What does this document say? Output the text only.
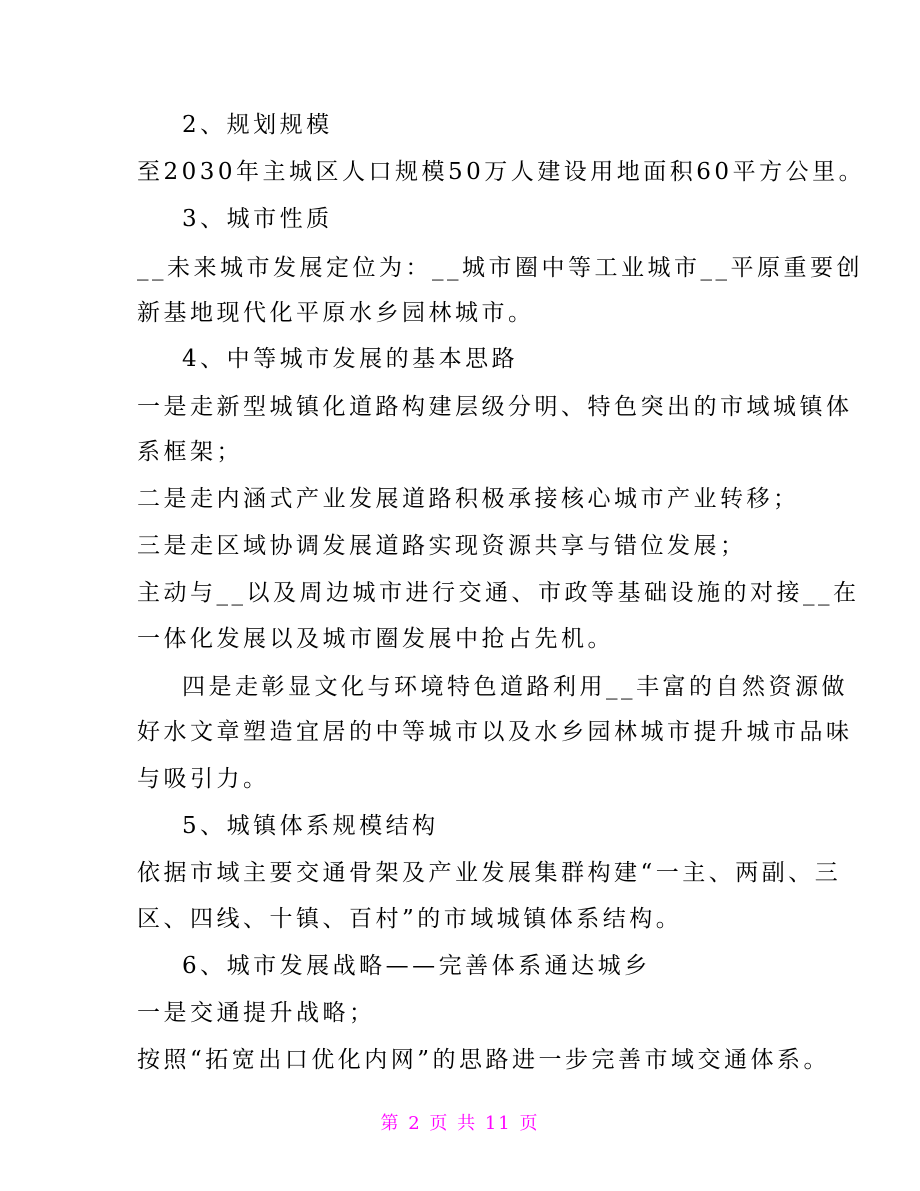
2、规划规模
至2030年主城区人口规模50万人建设用地面积60平方公里。
3、城市性质
__未来城市发展定位为：__城市圈中等工业城市__平原重要创
新基地现代化平原水乡园林城市。
4、中等城市发展的基本思路
一是走新型城镇化道路构建层级分明、特色突出的市域城镇体
系框架；
二是走内涵式产业发展道路积极承接核心城市产业转移；
三是走区域协调发展道路实现资源共享与错位发展；
主动与__以及周边城市进行交通、市政等基础设施的对接__在
一体化发展以及城市圈发展中抢占先机。
四是走彰显文化与环境特色道路利用__丰富的自然资源做
好水文章塑造宜居的中等城市以及水乡园林城市提升城市品味
与吸引力。
5、城镇体系规模结构
依据市域主要交通骨架及产业发展集群构建“一主、两副、三
区、四线、十镇、百村”的市域城镇体系结构。
6、城市发展战略——完善体系通达城乡
一是交通提升战略；
按照“拓宽出口优化内网”的思路进一步完善市域交通体系。
第 2 页 共 11 页
